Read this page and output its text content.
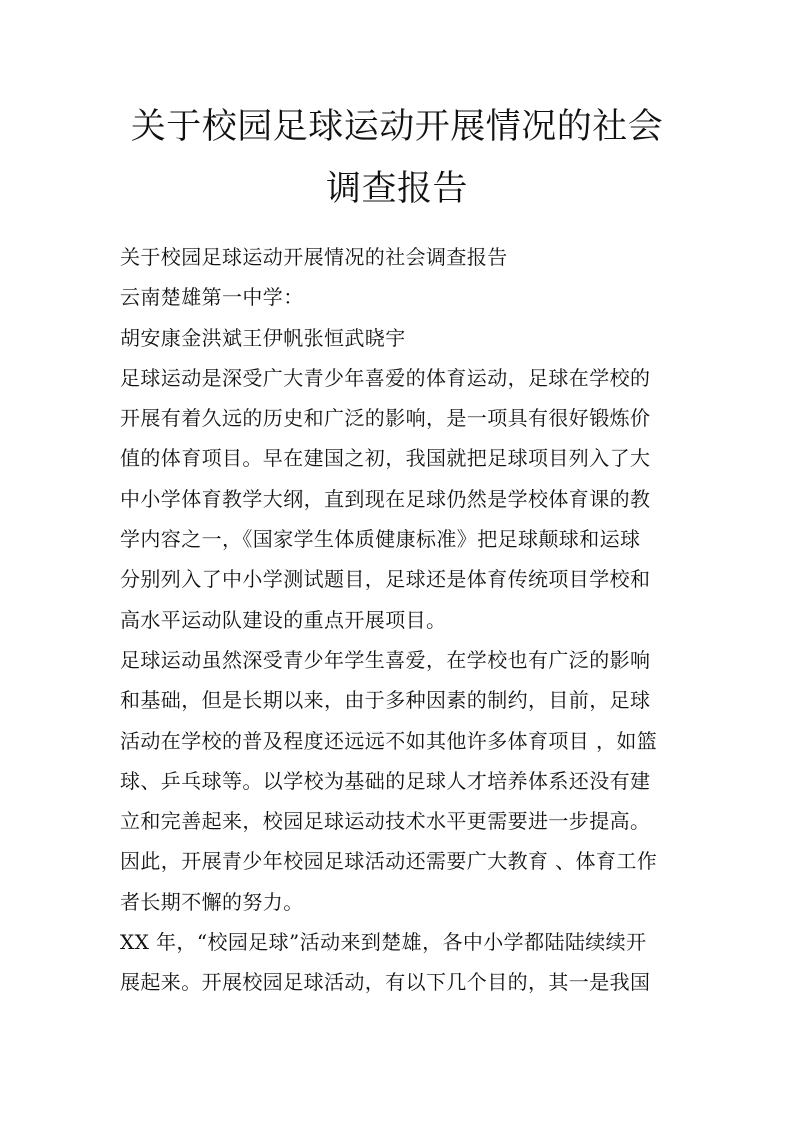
关于校园足球运动开展情况的社会
调查报告
关于校园足球运动开展情况的社会调查报告
云南楚雄第一中学：
胡安康金洪斌王伊帆张恒武晓宇
足球运动是深受广大青少年喜爱的体育运动，足球在学校的
开展有着久远的历史和广泛的影响，是一项具有很好锻炼价
值的体育项目。早在建国之初，我国就把足球项目列入了大
中小学体育教学大纲，直到现在足球仍然是学校体育课的教
学内容之一，《国家学生体质健康标准》把足球颠球和运球
分别列入了中小学测试题目，足球还是体育传统项目学校和
高水平运动队建设的重点开展项目。
足球运动虽然深受青少年学生喜爱，在学校也有广泛的影响
和基础，但是长期以来，由于多种因素的制约，目前，足球
活动在学校的普及程度还远远不如其他许多体育项目 ，如篮
球、乒乓球等。以学校为基础的足球人才培养体系还没有建
立和完善起来，校园足球运动技术水平更需要进一步提高。
因此，开展青少年校园足球活动还需要广大教育 、体育工作
者长期不懈的努力。
XX 年，“校园足球”活动来到楚雄，各中小学都陆陆续续开
展起来。开展校园足球活动，有以下几个目的，其一是我国
